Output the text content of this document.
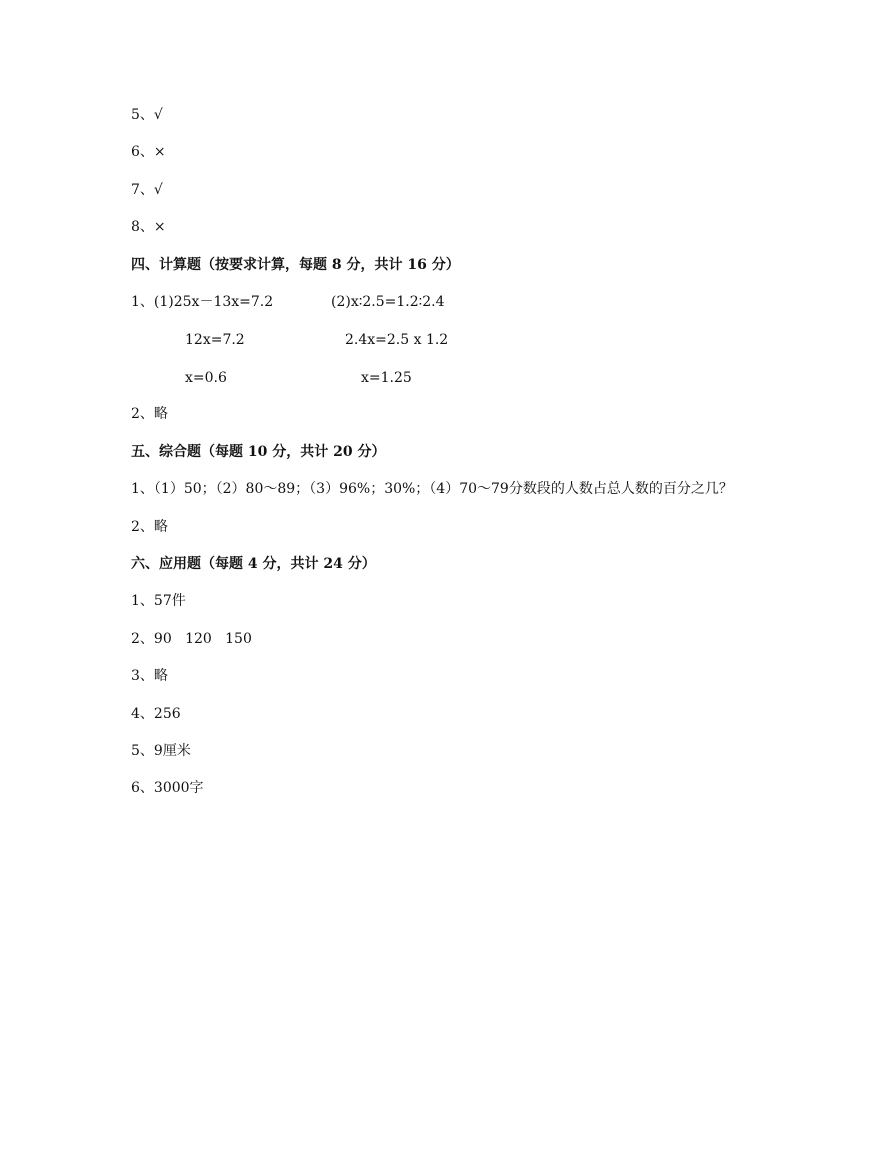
5、√
6、×
7、√
8、×
四、计算题（按要求计算，每题 8 分，共计 16 分）
1、(1)25x－13x=7.2
12x=7.2
x=0.6
(2)x∶2.5=1.2∶2.4
2.4x=2.5 x 1.2
x=1.25
2、略
五、综合题（每题 10 分，共计 20 分）
1、（1）50；（2）80～89；（3）96%；30%；（4）70～79分数段的人数占总人数的百分之几？
2、略
六、应用题（每题 4 分，共计 24 分）
1、57件
2、90   120   150
3、略
4、256
5、9厘米
6、3000字
